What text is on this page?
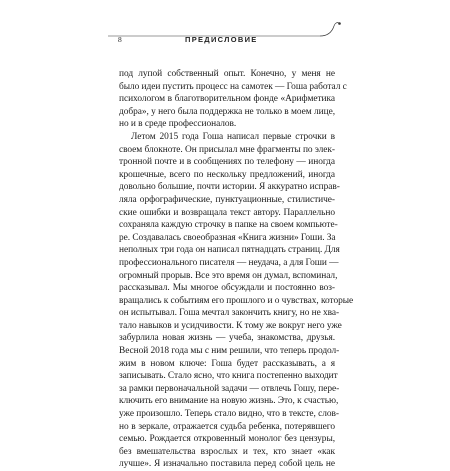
8	ПРЕДИСЛОВИЕ
под лупой собственный опыт. Конечно, у меня не
было идеи пустить процесс на самотек — Гоша работал с
психологом в благотворительном фонде «Арифметика
добра», у него была поддержка не только в моем лице,
но и в среде профессионалов.
Летом 2015 года Гоша написал первые строчки в
своем блокноте. Он присылал мне фрагменты по элек-
тронной почте и в сообщениях по телефону — иногда
крошечные, всего по нескольку предложений, иногда
довольно большие, почти истории. Я аккуратно исправ-
ляла орфографические, пунктуационные, стилистиче-
ские ошибки и возвращала текст автору. Параллельно
сохраняла каждую строчку в папке на своем компьюте-
ре. Создавалась своеобразная «Книга жизни» Гоши. За
неполных три года он написал пятнадцать страниц. Для
профессионального писателя — неудача, а для Гоши —
огромный прорыв. Все это время он думал, вспоминал,
рассказывал. Мы многое обсуждали и постоянно воз-
вращались к событиям его прошлого и о чувствах, которые
он испытывал. Гоша мечтал закончить книгу, но не хва-
тало навыков и усидчивости. К тому же вокруг него уже
забурлила новая жизнь — учеба, знакомства, друзья.
Весной 2018 года мы с ним решили, что теперь продол-
жим в новом ключе: Гоша будет рассказывать, а я
записывать. Стало ясно, что книга постепенно выходит
за рамки первоначальной задачи — отвлечь Гошу, пере-
ключить его внимание на новую жизнь. Это, к счастью,
уже произошло. Теперь стало видно, что в тексте, слов-
но в зеркале, отражается судьба ребенка, потерявшего
семью. Рождается откровенный монолог без цензуры,
без вмешательства взрослых и тех, кто знает «как
лучше». Я изначально поставила перед собой цель не
